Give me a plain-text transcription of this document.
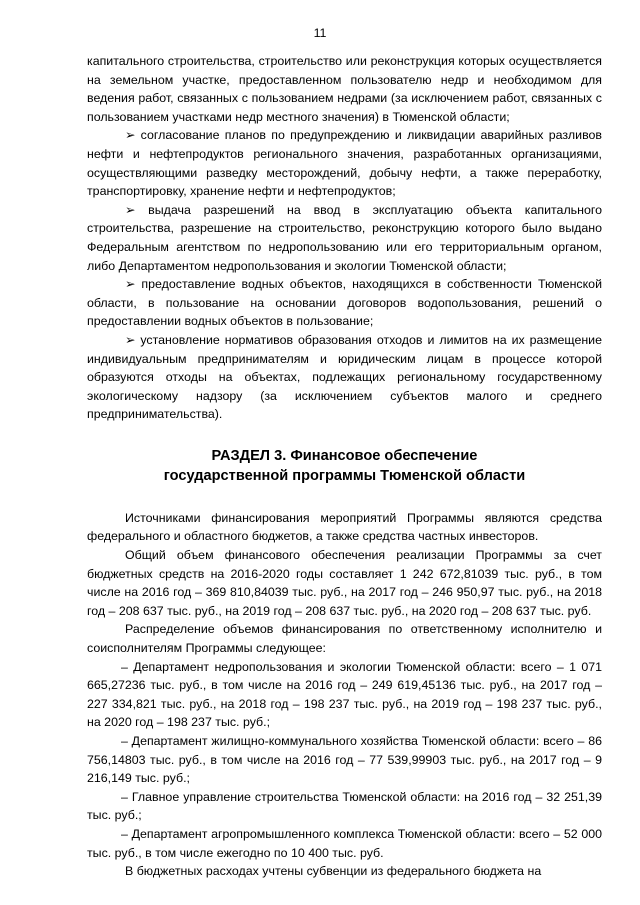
11

капитального строительства, строительство или реконструкция которых осуществляется на земельном участке, предоставленном пользователю недр и необходимом для ведения работ, связанных с пользованием недрами (за исключением работ, связанных с пользованием участками недр местного значения) в Тюменской области;

➢ согласование планов по предупреждению и ликвидации аварийных разливов нефти и нефтепродуктов регионального значения, разработанных организациями, осуществляющими разведку месторождений, добычу нефти, а также переработку, транспортировку, хранение нефти и нефтепродуктов;

➢ выдача разрешений на ввод в эксплуатацию объекта капитального строительства, разрешение на строительство, реконструкцию которого было выдано Федеральным агентством по недропользованию или его территориальным органом, либо Департаментом недропользования и экологии Тюменской области;

➢ предоставление водных объектов, находящихся в собственности Тюменской области, в пользование на основании договоров водопользования, решений о предоставлении водных объектов в пользование;

➢ установление нормативов образования отходов и лимитов на их размещение индивидуальным предпринимателям и юридическим лицам в процессе которой образуются отходы на объектах, подлежащих региональному государственному экологическому надзору (за исключением субъектов малого и среднего предпринимательства).

РАЗДЕЛ 3. Финансовое обеспечение
государственной программы Тюменской области

Источниками финансирования мероприятий Программы являются средства федерального и областного бюджетов, а также средства частных инвесторов.

Общий объем финансового обеспечения реализации Программы за счет бюджетных средств на 2016-2020 годы составляет 1 242 672,81039 тыс. руб., в том числе на 2016 год – 369 810,84039 тыс. руб., на 2017 год – 246 950,97 тыс. руб., на 2018 год – 208 637 тыс. руб., на 2019 год – 208 637 тыс. руб., на 2020 год – 208 637 тыс. руб.

Распределение объемов финансирования по ответственному исполнителю и соисполнителям Программы следующее:

– Департамент недропользования и экологии Тюменской области: всего – 1 071 665,27236 тыс. руб., в том числе на 2016 год – 249 619,45136 тыс. руб., на 2017 год – 227 334,821 тыс. руб., на 2018 год – 198 237 тыс. руб., на 2019 год – 198 237 тыс. руб., на 2020 год – 198 237 тыс. руб.;

– Департамент жилищно-коммунального хозяйства Тюменской области: всего – 86 756,14803 тыс. руб., в том числе на 2016 год – 77 539,99903 тыс. руб., на 2017 год – 9 216,149 тыс. руб.;

– Главное управление строительства Тюменской области: на 2016 год – 32 251,39 тыс. руб.;

– Департамент агропромышленного комплекса Тюменской области: всего – 52 000 тыс. руб., в том числе ежегодно по 10 400 тыс. руб.

В бюджетных расходах учтены субвенции из федерального бюджета на
